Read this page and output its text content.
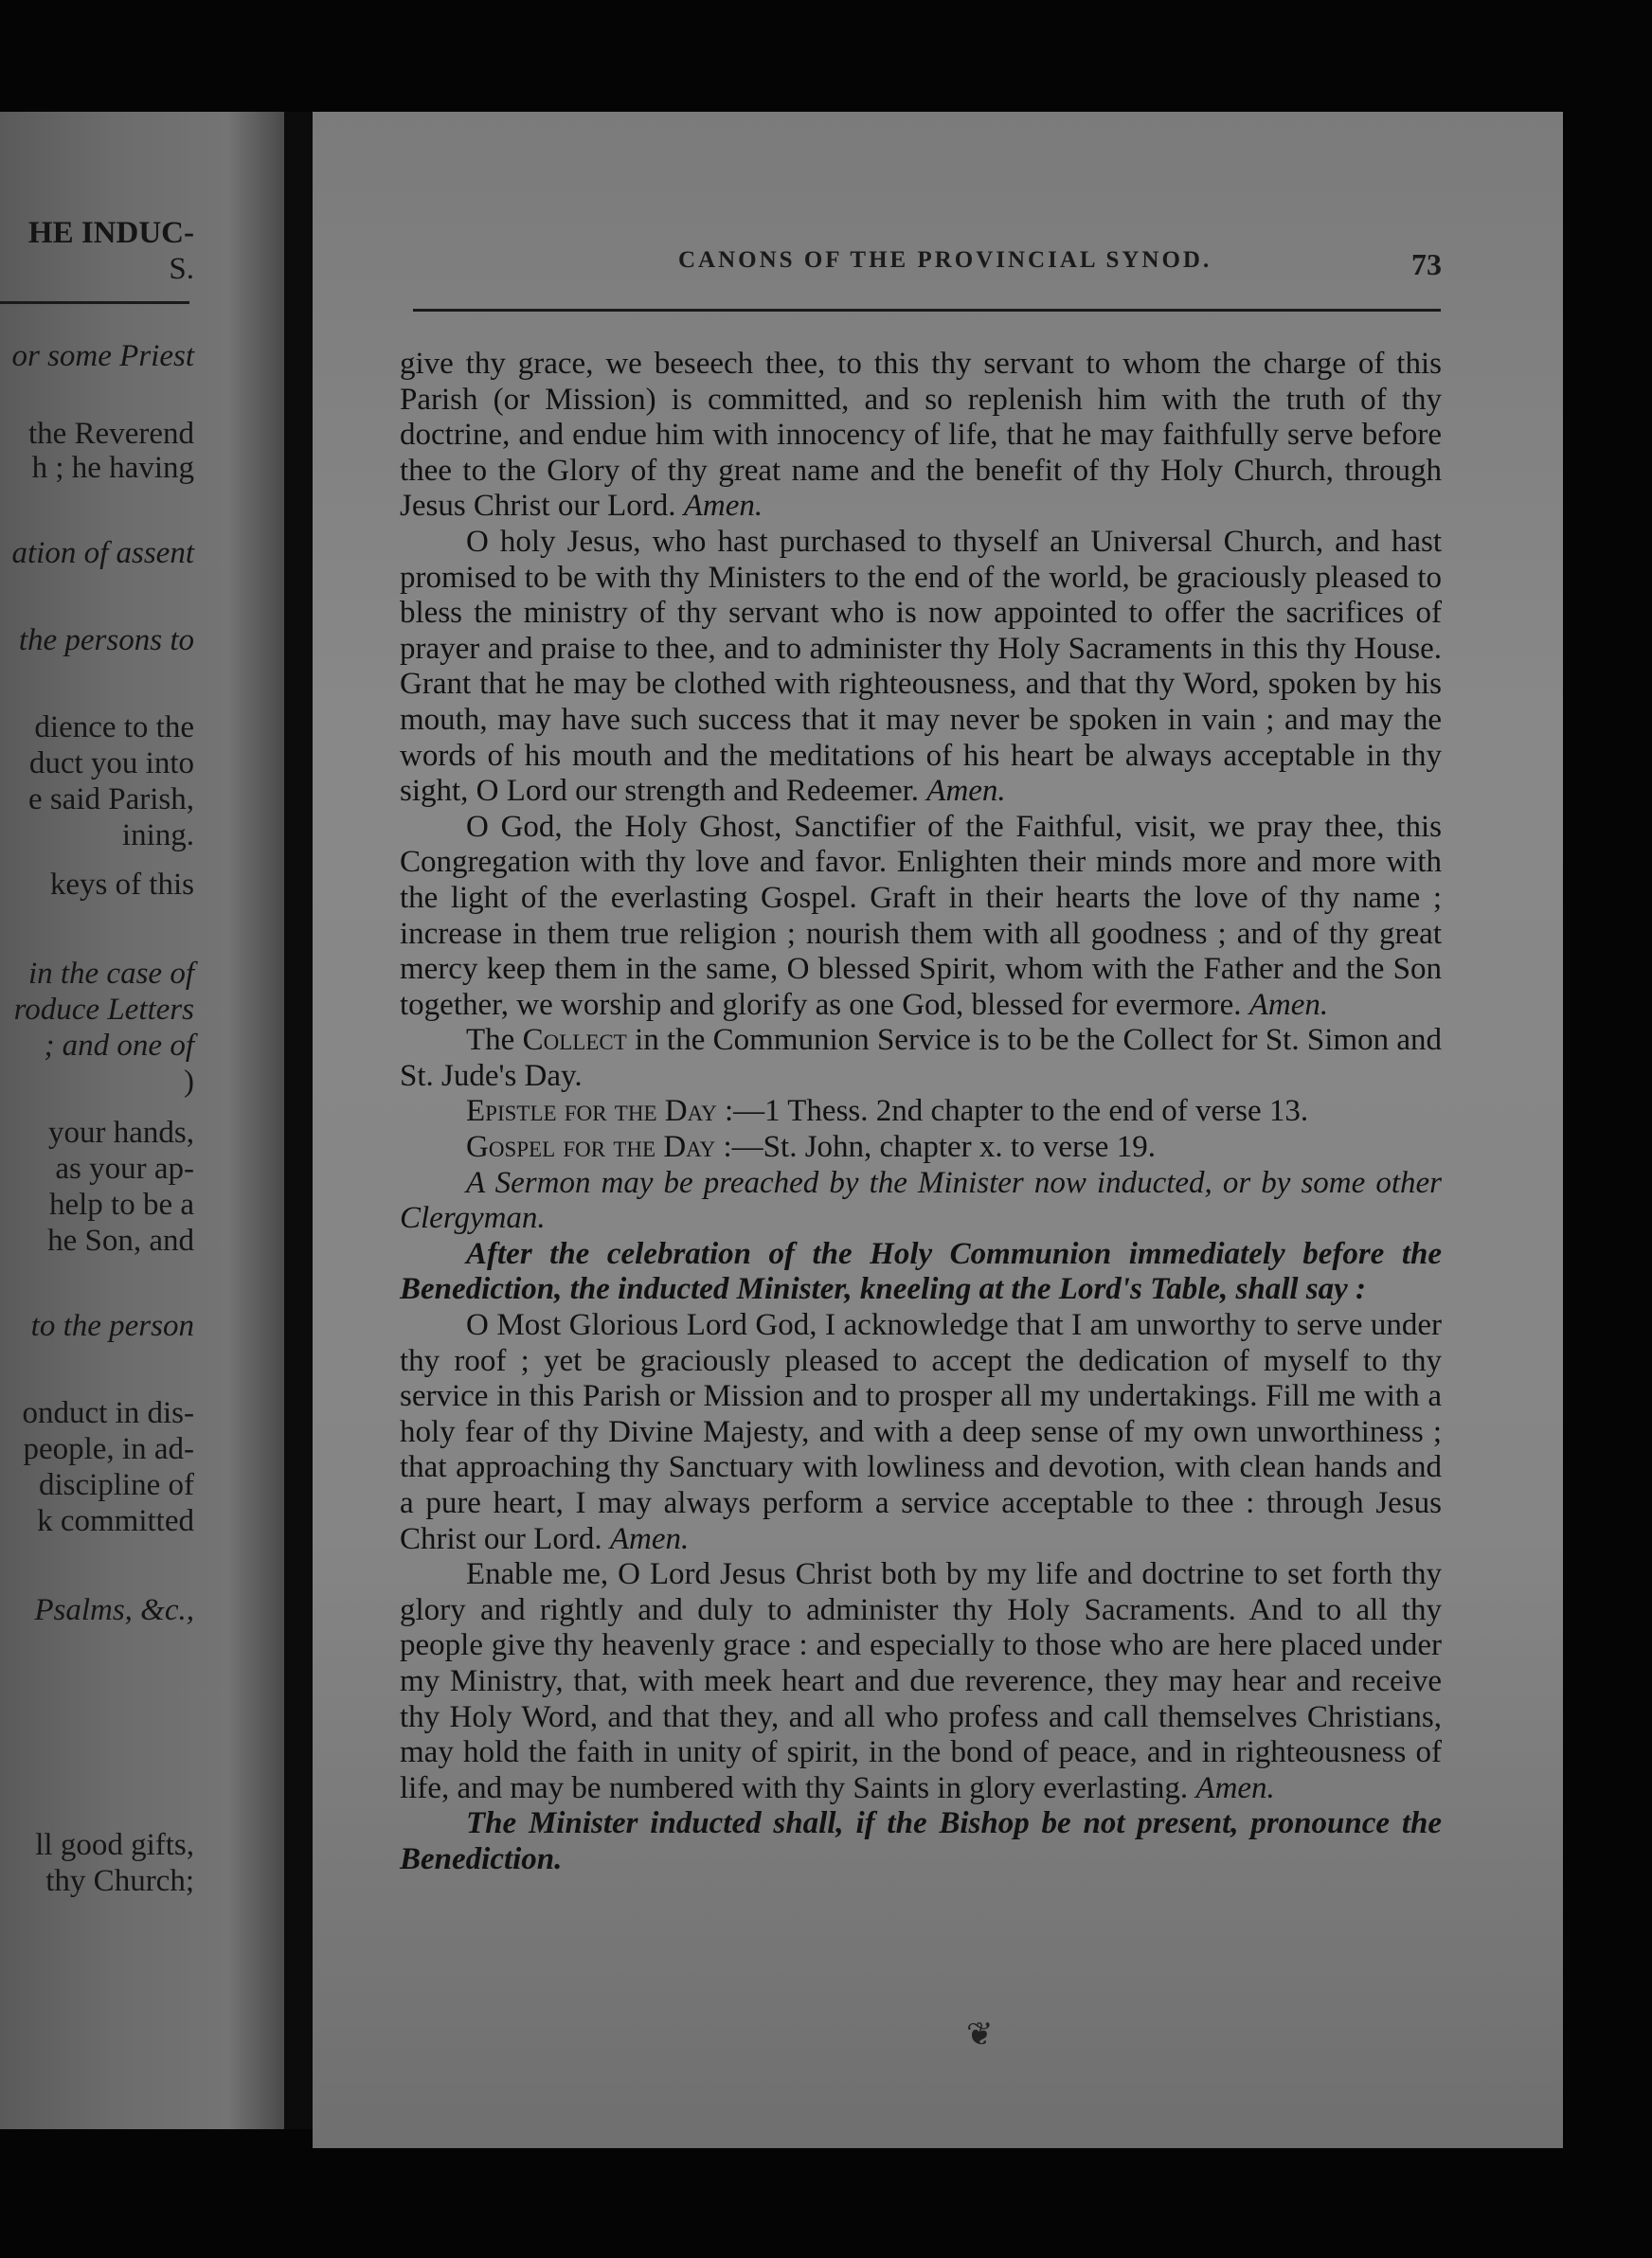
HE INDUC-
S.
or some Priest
the Reverend
h ; he having
ation of assent
the persons to
dience to the
duct you into
e said Parish,
ining.
keys of this
in the case of
roduce Letters
; and one of
)
your hands,
as your ap-
help to be a
he Son, and
to the person
onduct in dis-
people, in ad-
discipline of
k committed
Psalms, &c.,
ll good gifts,
thy Church;
CANONS OF THE PROVINCIAL SYNOD.	73

give thy grace, we beseech thee, to this thy servant to whom the charge of this Parish (or Mission) is committed, and so replenish him with the truth of thy doctrine, and endue him with innocency of life, that he may faithfully serve before thee to the Glory of thy great name and the benefit of thy Holy Church, through Jesus Christ our Lord. Amen.

O holy Jesus, who hast purchased to thyself an Universal Church, and hast promised to be with thy Ministers to the end of the world, be graciously pleased to bless the ministry of thy servant who is now appointed to offer the sacrifices of prayer and praise to thee, and to administer thy Holy Sacraments in this thy House. Grant that he may be clothed with righteousness, and that thy Word, spoken by his mouth, may have such success that it may never be spoken in vain ; and may the words of his mouth and the meditations of his heart be always acceptable in thy sight, O Lord our strength and Redeemer. Amen.

O God, the Holy Ghost, Sanctifier of the Faithful, visit, we pray thee, this Congregation with thy love and favor. Enlighten their minds more and more with the light of the everlasting Gospel. Graft in their hearts the love of thy name ; increase in them true religion ; nourish them with all goodness ; and of thy great mercy keep them in the same, O blessed Spirit, whom with the Father and the Son together, we worship and glorify as one God, blessed for evermore. Amen.

The Collect in the Communion Service is to be the Collect for St. Simon and St. Jude's Day.

Epistle for the Day :—1 Thess. 2nd chapter to the end of verse 13.

Gospel for the Day :—St. John, chapter x. to verse 19.

A Sermon may be preached by the Minister now inducted, or by some other Clergyman.

After the celebration of the Holy Communion immediately before the Benediction, the inducted Minister, kneeling at the Lord's Table, shall say :

O Most Glorious Lord God, I acknowledge that I am unworthy to serve under thy roof ; yet be graciously pleased to accept the dedication of myself to thy service in this Parish or Mission and to prosper all my undertakings. Fill me with a holy fear of thy Divine Majesty, and with a deep sense of my own unworthiness ; that approaching thy Sanctuary with lowliness and devotion, with clean hands and a pure heart, I may always perform a service acceptable to thee : through Jesus Christ our Lord. Amen.

Enable me, O Lord Jesus Christ both by my life and doctrine to set forth thy glory and rightly and duly to administer thy Holy Sacraments. And to all thy people give thy heavenly grace : and especially to those who are here placed under my Ministry, that, with meek heart and due reverence, they may hear and receive thy Holy Word, and that they, and all who profess and call themselves Christians, may hold the faith in unity of spirit, in the bond of peace, and in righteousness of life, and may be numbered with thy Saints in glory everlasting. Amen.

The Minister inducted shall, if the Bishop be not present, pronounce the Benediction.

❦
